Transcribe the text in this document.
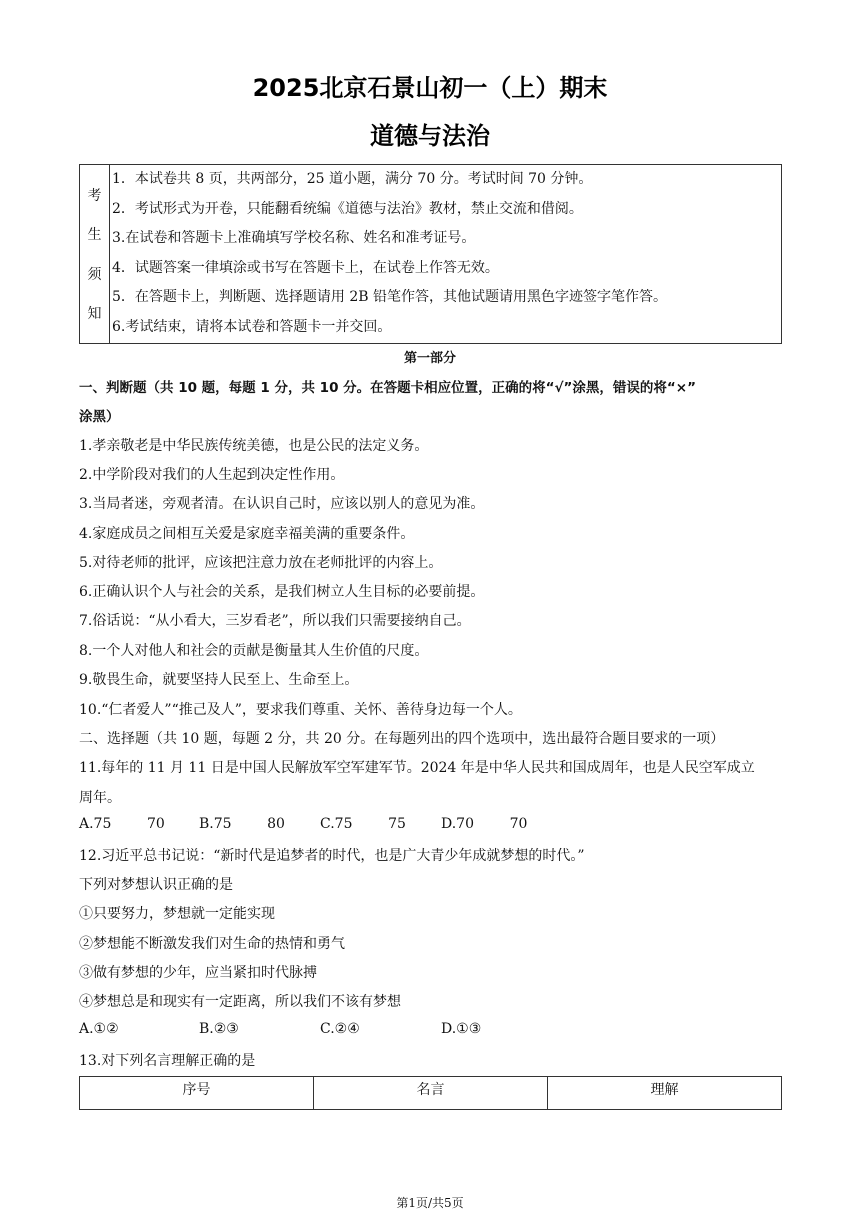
2025北京石景山初一（上）期末
道德与法治
考
生
须
知
1．本试卷共 8 页，共两部分，25 道小题，满分 70 分。考试时间 70 分钟。
2．考试形式为开卷，只能翻看统编《道德与法治》教材，禁止交流和借阅。
3.在试卷和答题卡上准确填写学校名称、姓名和准考证号。
4．试题答案一律填涂或书写在答题卡上，在试卷上作答无效。
5．在答题卡上，判断题、选择题请用 2B 铅笔作答，其他试题请用黑色字迹签字笔作答。
6.考试结束，请将本试卷和答题卡一并交回。
第一部分
一、判断题（共 10 题，每题 1 分，共 10 分。在答题卡相应位置，正确的将“√”涂黑，错误的将“×”
涂黑）
1.孝亲敬老是中华民族传统美德，也是公民的法定义务。
2.中学阶段对我们的人生起到决定性作用。
3.当局者迷，旁观者清。在认识自己时，应该以别人的意见为准。
4.家庭成员之间相互关爱是家庭幸福美满的重要条件。
5.对待老师的批评，应该把注意力放在老师批评的内容上。
6.正确认识个人与社会的关系，是我们树立人生目标的必要前提。
7.俗话说：“从小看大，三岁看老”，所以我们只需要接纳自己。
8.一个人对他人和社会的贡献是衡量其人生价值的尺度。
9.敬畏生命，就要坚持人民至上、生命至上。
10.“仁者爱人”“推己及人”，要求我们尊重、关怀、善待身边每一个人。
二、选择题（共 10 题，每题 2 分，共 20 分。在每题列出的四个选项中，选出最符合题目要求的一项）
11.每年的 11 月 11 日是中国人民解放军空军建军节。2024 年是中华人民共和国成周年，也是人民空军成立
周年。
A.75        70 B.75        80	C.75        75	D.70        70
12.习近平总书记说：“新时代是追梦者的时代，也是广大青少年成就梦想的时代。”
下列对梦想认识正确的是
①只要努力，梦想就一定能实现
②梦想能不断激发我们对生命的热情和勇气
③做有梦想的少年，应当紧扣时代脉搏
④梦想总是和现实有一定距离，所以我们不该有梦想
A.①②	B.②③	C.②④	D.①③
13.对下列名言理解正确的是
序号	名言	理解
第1页/共5页
